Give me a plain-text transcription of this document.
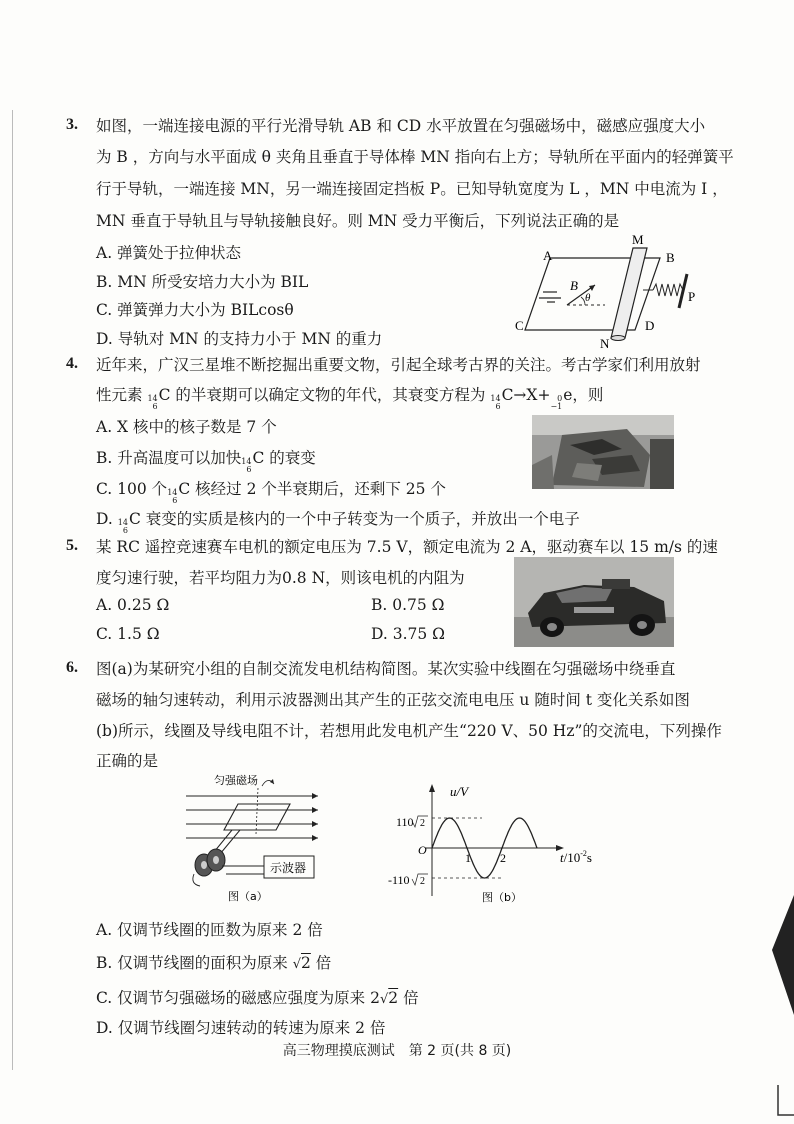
3. 如图，一端连接电源的平行光滑导轨 AB 和 CD 水平放置在匀强磁场中，磁感应强度大小
为 B ，方向与水平面成 θ 夹角且垂直于导体棒 MN 指向右上方；导轨所在平面内的轻弹簧平
行于导轨，一端连接 MN，另一端连接固定挡板 P。已知导轨宽度为 L ，MN 中电流为 I ，
MN 垂直于导轨且与导轨接触良好。则 MN 受力平衡后，下列说法正确的是
A. 弹簧处于拉伸状态
B. MN 所受安培力大小为 BIL
C. 弹簧弹力大小为 BILcosθ
D. 导轨对 MN 的支持力小于 MN 的重力
A	B
C	D
M
N
P
B
θ
4. 近年来，广汉三星堆不断挖掘出重要文物，引起全球考古界的关注。考古学家们利用放射
性元素 14
6
C 的半衰期可以确定文物的年代，其衰变方程为 14
6
C→X+ 0
−1
e，则
A. X 核中的核子数是 7 个
B. 升高温度可以加快 14
6
C 的衰变
C. 100 个 14
6
C 核经过 2 个半衰期后，还剩下 25 个
D. 14
6
C 衰变的实质是核内的一个中子转变为一个质子，并放出一个电子
5. 某 RC 遥控竞速赛车电机的额定电压为 7.5 V，额定电流为 2 A，驱动赛车以 15 m/s 的速
度匀速行驶，若平均阻力为0.8 N，则该电机的内阻为
A. 0.25 Ω	B. 0.75 Ω
C. 1.5 Ω	D. 3.75 Ω
6. 图(a)为某研究小组的自制交流发电机结构简图。某次实验中线圈在匀强磁场中绕垂直
磁场的轴匀速转动，利用示波器测出其产生的正弦交流电电压 u 随时间 t 变化关系如图
(b)所示，线圈及导线电阻不计，若想用此发电机产生“220 V、50 Hz”的交流电，下列操作
正确的是
匀强磁场
示波器
图（a）
u/V
110 2
-110 2
O
1 2	$t/10^{-2}s$
图（b）
A. 仅调节线圈的匝数为原来 2 倍
B. 仅调节线圈的面积为原来 √2 倍
C. 仅调节匀强磁场的磁感应强度为原来 2√2 倍
D. 仅调节线圈匀速转动的转速为原来 2 倍
高三物理摸底测试　第 2 页(共 8 页)
